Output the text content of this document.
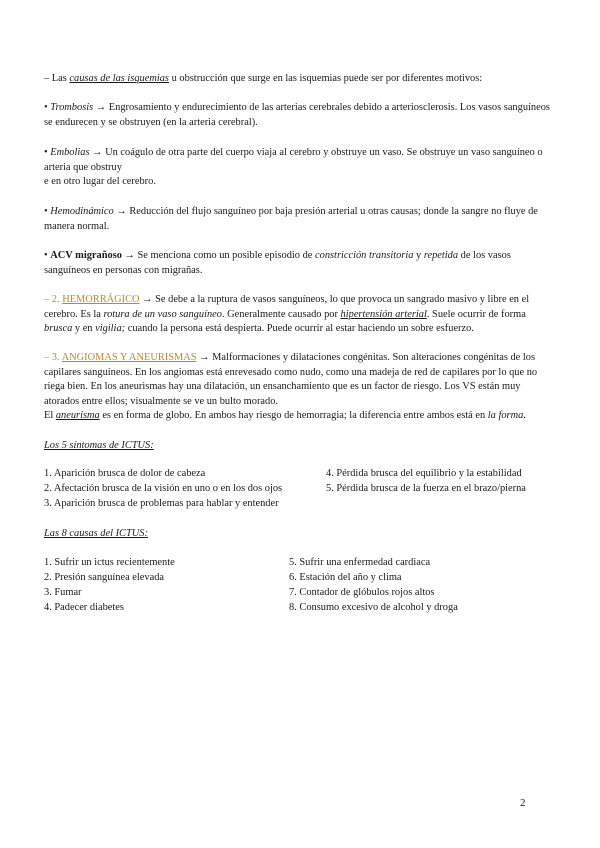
– Las causas de las isquemias u obstrucción que surge en las isquemias puede ser por diferentes motivos:
• Trombosis → Engrosamiento y endurecimiento de las arterias cerebrales debido a arteriosclerosis. Los vasos sanguíneos se endurecen y se obstruyen (en la arteria cerebral).
• Embolias → Un coágulo de otra parte del cuerpo viaja al cerebro y obstruye un vaso. Se obstruye un vaso sanguíneo o arteria que obstruy
e en otro lugar del cerebro.
• Hemodinámico → Reducción del flujo sanguíneo por baja presión arterial u otras causas; donde la sangre no fluye de manera normal.
• ACV migrañoso → Se menciona como un posible episodio de constricción transitoria y repetida de los vasos sanguíneos en personas con migrañas.
– 2. HEMORRÁGICO → Se debe a la ruptura de vasos sanguíneos, lo que provoca un sangrado masivo y libre en el cerebro. Es la rotura de un vaso sanguíneo. Generalmente causado por hipertensión arterial. Suele ocurrir de forma brusca y en vigilia; cuando la persona está despierta. Puede ocurrir al estar haciendo un sobre esfuerzo.
– 3. ANGIOMAS Y ANEURISMAS → Malformaciones y dilataciones congénitas. Son alteraciones congénitas de los capilares sanguíneos. En los angiomas está enrevesado como nudo, como una madeja de red de capilares por lo que no riega bien. En los aneurismas hay una dilatación, un ensanchamiento que es un factor de riesgo. Los VS están muy atorados entre ellos; visualmente se ve un bulto morado.
El aneurisma es en forma de globo. En ambos hay riesgo de hemorragia; la diferencia entre ambos está en la forma.
Los 5 síntomas de ICTUS:
1. Aparición brusca de dolor de cabeza
2. Afectación brusca de la visión en uno o en los dos ojos
3. Aparición brusca de problemas para hablar y entender
4. Pérdida brusca del equilibrio y la estabilidad
5. Pérdida brusca de la fuerza en el brazo/pierna
Las 8 causas del ICTUS:
1. Sufrir un ictus recientemente
2. Presión sanguínea elevada
3. Fumar
4. Padecer diabetes
5. Sufrir una enfermedad cardiaca
6. Estación del año y clima
7. Contador de glóbulos rojos altos
8. Consumo excesivo de alcohol y droga
2
